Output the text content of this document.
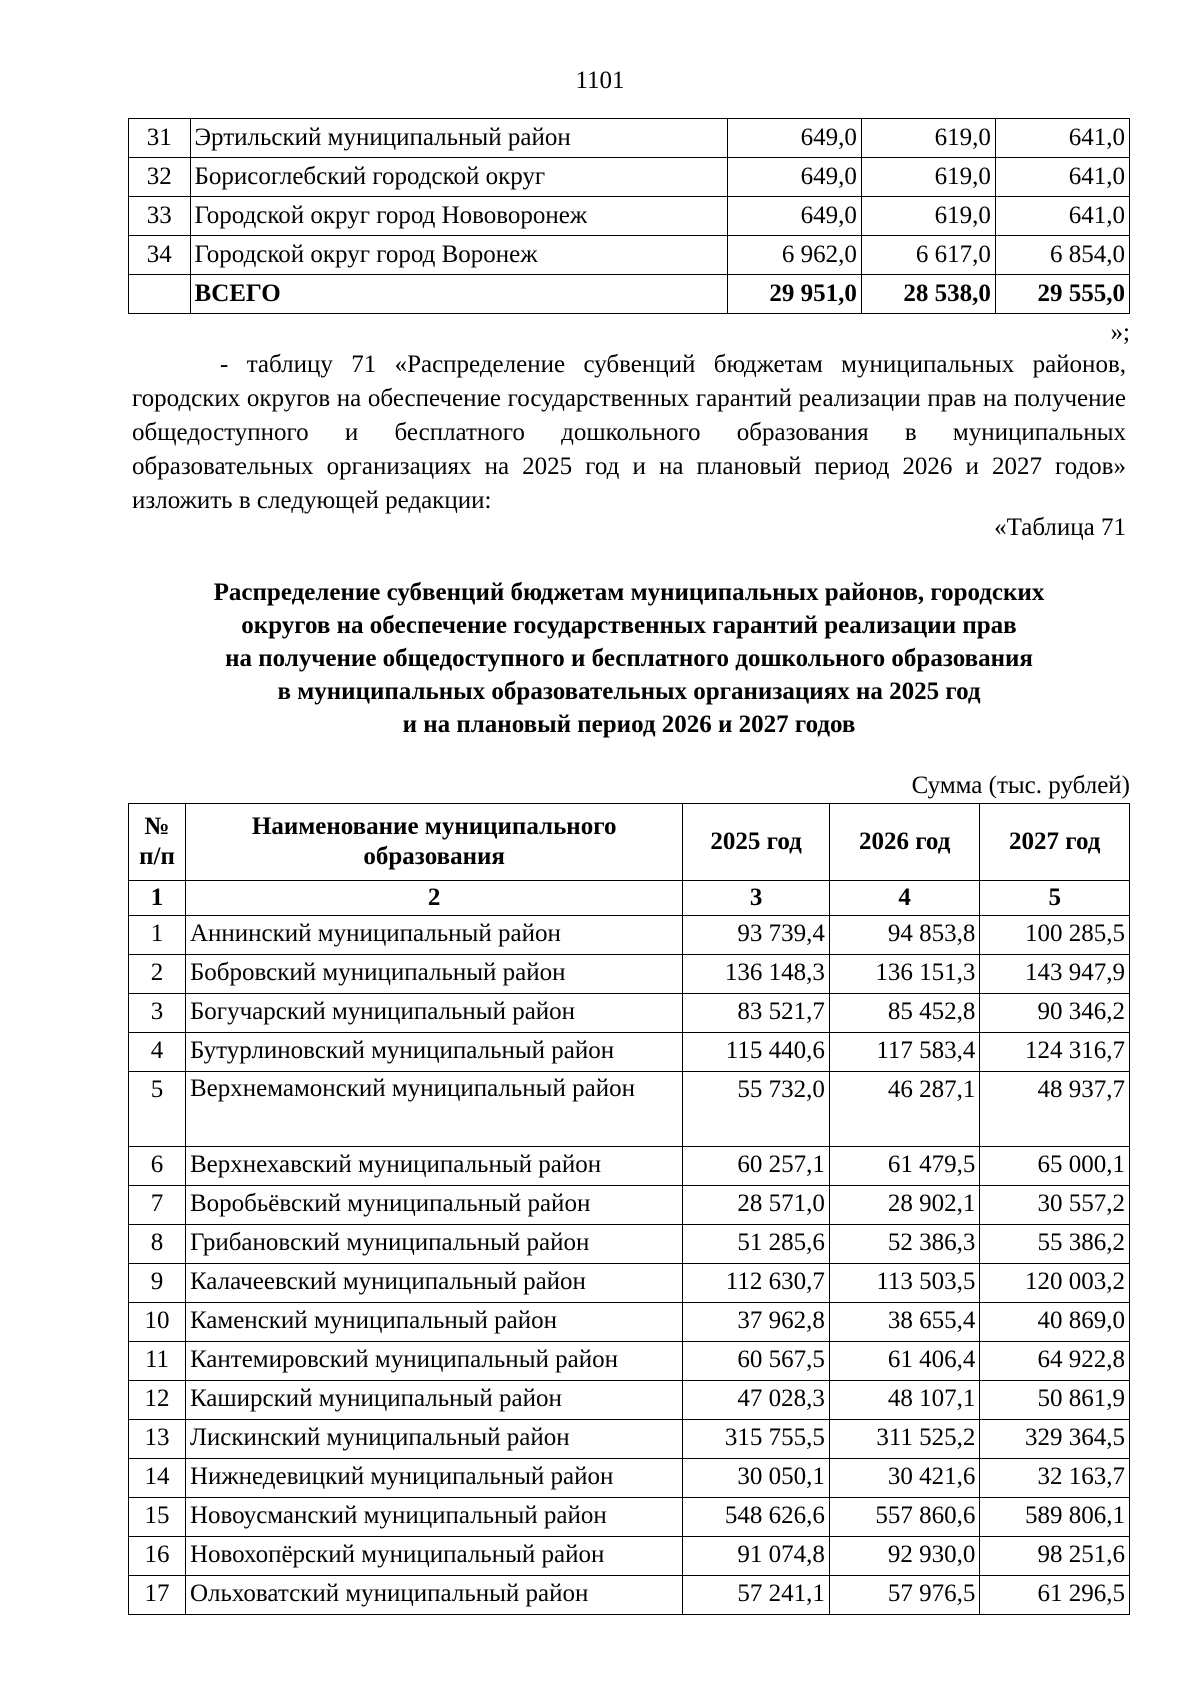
1101
31	Эртильский муниципальный район	649,0	619,0	641,0
32	Борисоглебский городской округ	649,0	619,0	641,0
33	Городской округ город Нововоронеж	649,0	619,0	641,0
34	Городской округ город Воронеж	6 962,0	6 617,0	6 854,0
	ВСЕГО	29 951,0	28 538,0	29 555,0
»;
- таблицу 71 «Распределение субвенций бюджетам муниципальных районов, городских округов на обеспечение государственных гарантий реализации прав на получение общедоступного и бесплатного дошкольного образования в муниципальных образовательных организациях на 2025 год и на плановый период 2026 и 2027 годов» изложить в следующей редакции:
«Таблица 71
Распределение субвенций бюджетам муниципальных районов, городских
округов на обеспечение государственных гарантий реализации прав
на получение общедоступного и бесплатного дошкольного образования
в муниципальных образовательных организациях на 2025 год
и на плановый период 2026 и 2027 годов
Сумма (тыс. рублей)
№ п/п	Наименование муниципального образования	2025 год	2026 год	2027 год
1	2	3	4	5
1	Аннинский муниципальный район	93 739,4	94 853,8	100 285,5
2	Бобровский муниципальный район	136 148,3	136 151,3	143 947,9
3	Богучарский муниципальный район	83 521,7	85 452,8	90 346,2
4	Бутурлиновский муниципальный район	115 440,6	117 583,4	124 316,7
5	Верхнемамонский муниципальный район	55 732,0	46 287,1	48 937,7
6	Верхнехавский муниципальный район	60 257,1	61 479,5	65 000,1
7	Воробьёвский муниципальный район	28 571,0	28 902,1	30 557,2
8	Грибановский муниципальный район	51 285,6	52 386,3	55 386,2
9	Калачеевский муниципальный район	112 630,7	113 503,5	120 003,2
10	Каменский муниципальный район	37 962,8	38 655,4	40 869,0
11	Кантемировский муниципальный район	60 567,5	61 406,4	64 922,8
12	Каширский муниципальный район	47 028,3	48 107,1	50 861,9
13	Лискинский муниципальный район	315 755,5	311 525,2	329 364,5
14	Нижнедевицкий муниципальный район	30 050,1	30 421,6	32 163,7
15	Новоусманский муниципальный район	548 626,6	557 860,6	589 806,1
16	Новохопёрский муниципальный район	91 074,8	92 930,0	98 251,6
17	Ольховатский муниципальный район	57 241,1	57 976,5	61 296,5
